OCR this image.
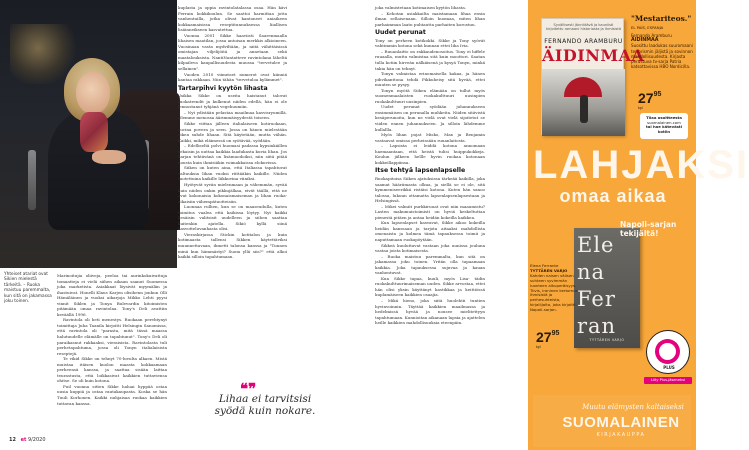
Yhteiset atariat ovat Sikien mielestä tärkeitä. – Ruoka maistuu paremmalta, kun sitä on jakamassa joku toinen.

Marinoitujia oliiveja, peeloa tai aurinkokuivattuja tomaatteja ei vielä siihen aikaan saanut Suomessa joka marketista. Asiakkaat löysivät myymälän ja ihastuivat. Honelli Klaus Karjen olisihenn jonkun Olli Hämäläinen ja vuoksi aikarjoja Mikko Lehti pyysi vinnit Siklen ja Tonya Bulevardin kitoimisten pitämään omaa ravintolaa. Tony's Deli avattiin keväällä 1996.

Ravintola oli heti menestys. Ruokaan perehtynyt toimittaja Juha Taanila kirjoitti Helsingin Sanomissa, että ravintola oli "parasta, mitä tässä maassa halutuudelle elämälle on tapahtunut". Tony's Deli oli paraikasnut rakkaaksi, vieraisista. Ravintolasta tuli perhetapahtuma, jossa oli Tonyn italialaisista reseptejä.

Te vikid Sikke on tehnyt 70-luvulta alkaen. Mistä muistaa itäisen kuolon maasta kokkaamaan perheensä kanssa, ja saattaa sisään laittaa teurastusta, että loikkasivat kaikkien tuttaviensa ohitse. Se oli kuin kotona.

Puil vuonna sitten Sikke haluai hyppää ostaa uusia kuppiä ja ostaa rautakaupasta. Koska se hän Tuuli Korhonen. Kaikki nuhjaisaa ruokaa kaikkien tuttavan kanssa.

kuplasta ja oppia ravintolatalassa osaa. Hän kävi Ferrain kokkikoulun. Se saattoi harmittaa jotta vanhentuilla, jotka olivat kantoneet aniaikeen kokkaamaisissa reseptitunnuksessa liiallisen lisäinneikseen kasvatettua.

Vuonna 2001 Sikke haaviisti Saarenmaalla lihaisen maatilan, jossa antoisan merkkis alkioineen. Vuosinaan vasta mydviltään, ja niitä vähittäisissä omistajan viljelijöitä ja annetaan sekä maatalouksista. NantiNantatteve ravintolana läheltä kilpaileva kaupallisuudesta muussa "tervetulee ja sellainen".

Vuoden 2010 viimeiset numerot ovat kiinniä kantaa rakkaan. Niin tähän "tervetuloa kylämmet".

Tartarpihvi kyytön lihasta

Vaikka Sikke on useita haistanut talovat ruokatrendit ja kulkenut niiden edellä, hän ei ole lennostanut tyhjänä vegehuumiin.

– Nyt ydistään pelastaa maailmaa kasvisryumillä. Olemme menossa äärimmäisyydestä toiseen.

Sikke viittaa jälleen italialaiseen kotiruokaan, cucina povera ja seen. Jossa on hänen mielestään oikea suhde lihaan. Sitä käytetään, mutta vähän. Kaikki, mikä eläimessä on syötävää, syödään.

– Edelliseltä polvi huomasi padassa kypsinkäillen sekaisin ja uuttaa kaikkia laadukasta kuvia lihan. Jos karjan tehtävänä on lisämuodoiksi, niin siitä pitää nousta kuin ihmisiäkin voimakkaissa elokuvissa.

Siiken on kuten aina, että Italiassa tapahtuvat valtuuksia lihan vuoksi riittääkin kaikille. Niiden tuotettuina kaikille liikkuvina viiniksi.

Hyötyvät syvän mielenmaan ja vähemmän, syvää kuin niiden onkin pikkujälkaa, eivät täällä, että ne ovat kokonaisia kokonaismaiseman ja lihan ruoka-aikaisiin vähempätuotteisiin.

Luonnaa rullien, kun se on maaseudulla, kuten toimitus vaalea että kaikissa löytyy. Nyt kaikki kesäisin valitsisit uudelleen ja siihen saattaa kuitenkin ajatella. Sikiö kyllä siinä kasvotteluvanhasta olisi.

Vieraskirjassa Stickin kotitalon ja kuin kotimaasta tallensi Sikken käytettäviksi muunnettavaan, ihmetti talonsa kanssa ja "Tunnen minä kun hämmästyi? Suom yllä siis?" että alkoi kaikki silloin tapahtumaan.

❝❞
Lihaa ei tarvitsisi syödä kuin nokare.

joka valmistetaan kotimaisen kyytön lihasta.

– Kehotan asiakkailta maistamaan lihaa ensin ilman sellaisenaan. Silloin huomaa, miten lihan parhaimman laatu puhtautta parhaiten korostuu.

Uudet perunat

Tony on perheen kotikokki. Sikke ja Tony syövät vahtimmin kotona sekä kunnan ettei liha Ivia.

– Ruuanlaitto on rakkaudenosoitus. Tony ei hiffele ruuaalla, mutta valmistaa sitä kuin moottori. Saatan tulla kotiin hirveän nälkäisenä ja kysyä Tonyn, minkä takia hän on tehnyt.

Tonyn valmistaa erinomaisella kakaa, ja hänen pihvikanttona tehdä Pikkuheisy sitä hyvää, ettei muuten se pysyy.

Tonyn myötä Siiken elämään on tullut myös suomenmaalaisten ruokakulttuuri uusinpien ruokakulttuuri uusinpien.

Uudet perunat syödään juhannukseen ensimmäisen on perunalla muhkeita. Niiden sitävistä kesäperunoita, kun ne vielä ovat vielä sijoitetut se viiden ennen juhannukseen. Ja silloin lähdemme kullallla.

Myös lihan pojat Misko, Max ja Benjamin vastaavat omissa perheissään ruuanlaitosta.

– Lapsista ei leiddä kotona annomaan haemaantaan, että heistä tulisi huippukokkeja. Koulun jälkeen hellle hyvin ruokaa kotonaan kokkeillappiinsa.

Itse tehtyä lapsenlapselle

Ruokapitoisa Siiken ajatuksissa tärkeää kaikilla, joka saamat hääriimasta olkua, ja siellä se ei ole, sitä kymmeniseerikkä ristäisi kotona. Kuten hän sanoo talossa, lukuun ottamatta lapsenlapsenlapsestaan ja Helsingissä.

– Mikei valmiit purkkiruuat ovat niin maaumistu? Lasten makumuistoimisti on hyviä keskeltuttaa pienestä pitäen ja antaa heidän kokeilla kaikkea.

Kun lapsenlapset kasvavat, Sikke aikoo kokeilla heidän kanssaan ja tarjota aitaaksi mahdollista omenaista ja kolmea tämä tapauksessa toimii ja naputtamaan ruokapöytään.

Sikkeä kuuluttavat vastaan joka uunissa jouluna vastaa joista kotimaisesta.

– Ruoka maistuu paremmalta, kun sitä on jakamassa joku toinen. Yritän olla tapaamaan kaikkia. Joka tapauksessa sujuvaa ja kauan vanhentuvat.

Kun Sikke tapaa, kuuli, myös Lisa- tädin ruokakulttuurimaiseman uuden. Sikke arvostaa, ettei hän olisi yksin käyttänyt kastikkaa ja keittiössä kuplamäiseen kaikkien osaajia.

– Mikä hieno, joka siitä huolehtii tuntien hyvinvoinnin. Täyttää kaikkien maailmassa ja hedelmissä hyvää ja nousee mielitettyyn tapahtumaan. Kunnioitan aikanaan lapsia ja ajattelen heille kaikkien mahdollisuuksia eteenpäin.

12 et 9/2020
Syvällisesti jännittävä ja kauniisti kirjoitettu romaani historiasta ja ihmisistä
FERNANDO ARAMBURU
ÄIDINMAA
"Mestariteos."
EL PAÍS, ESPANJA
Fernando Aramburu
ÄIDINMAA
Suosittu laadukas suuromaani terrorismin jäljistä ja sovinnon mahdollisuudesta. Kirjasta perustuva tv-sarja Patria katsottavissa HBO Nordicilla.
$27^{95}$
kpl
Tilaa osoitteesta
suomalainen.com
tai hae kätevästi kotiin
LAHJAKSI
omaa aikaa
Ele
na
Fer
ran
TYTTÄREN VARJO
Napoli-sarjan tekijältä!
Elena Ferrante
TYTTÄREN VARJO
Kahden naisen välisen suhteen syvimmän luonteen alkuperäisyys. Tiivis, ironinen kertomus ihmisistä ja perhesuhteista, kirjailijalta, joka kirjoitti Napoli-sarjan.
$27^{95}$
kpl
PLUS
Liity Plus-jäseneksi
Muutu elämysten kaltaiseksi
SUOMALAINEN
KIRJAKAUPPA
